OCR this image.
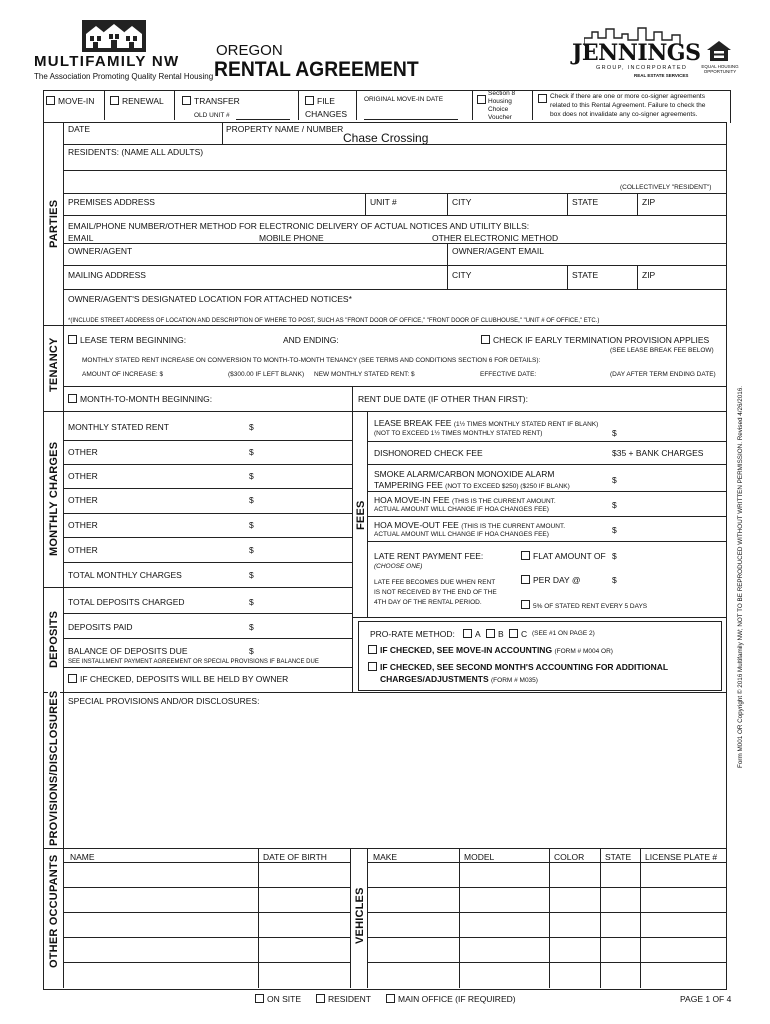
MULTIFAMILY NW
The Association Promoting Quality Rental Housing
OREGON
RENTAL AGREEMENT
JENNINGS
GROUP, INCORPORATED
REAL ESTATE SERVICES
EQUAL HOUSING OPPORTUNITY
MOVE-IN	RENEWAL	TRANSFER
OLD UNIT #
FILE
CHANGES
ORIGINAL MOVE-IN DATE
Section 8
Housing
Choice
Voucher
Check if there are one or more co-signer agreements
related to this Rental Agreement. Failure to check the
box does not invalidate any co-signer agreements.
PARTIES
DATE	PROPERTY NAME / NUMBER
Chase Crossing
RESIDENTS: (NAME ALL ADULTS)
(COLLECTIVELY "RESIDENT")
PREMISES ADDRESS	UNIT #	CITY	STATE	ZIP
EMAIL/PHONE NUMBER/OTHER METHOD FOR ELECTRONIC DELIVERY OF ACTUAL NOTICES AND UTILITY BILLS:
EMAIL	MOBILE PHONE	OTHER ELECTRONIC METHOD
OWNER/AGENT	OWNER/AGENT EMAIL
MAILING ADDRESS	CITY	STATE	ZIP
OWNER/AGENT'S DESIGNATED LOCATION FOR ATTACHED NOTICES*
*(INCLUDE STREET ADDRESS OF LOCATION AND DESCRIPTION OF WHERE TO POST, SUCH AS "FRONT DOOR OF OFFICE," "FRONT DOOR OF CLUBHOUSE," "UNIT # OF OFFICE," ETC.)
TENANCY	LEASE TERM BEGINNING:	AND ENDING:	CHECK IF EARLY TERMINATION PROVISION APPLIES
(SEE LEASE BREAK FEE BELOW)
MONTHLY STATED RENT INCREASE ON CONVERSION TO MONTH-TO-MONTH TENANCY (SEE TERMS AND CONDITIONS SECTION 6 FOR DETAILS):
AMOUNT OF INCREASE: $	($300.00 IF LEFT BLANK) NEW MONTHLY STATED RENT: $	EFFECTIVE DATE:	(DAY AFTER TERM ENDING DATE)
MONTH-TO-MONTH BEGINNING:	RENT DUE DATE (IF OTHER THAN FIRST):
MONTHLY CHARGES
MONTHLY STATED RENT	$
OTHER	$
OTHER	$
OTHER	$
OTHER	$
OTHER	$
TOTAL MONTHLY CHARGES	$
FEES
LEASE BREAK FEE (1½ TIMES MONTHLY STATED RENT IF BLANK)
(NOT TO EXCEED 1½ TIMES MONTHLY STATED RENT)	$
DISHONORED CHECK FEE	$35 + BANK CHARGES
SMOKE ALARM/CARBON MONOXIDE ALARM
TAMPERING FEE (NOT TO EXCEED $250) ($250 IF BLANK)
$
HOA MOVE-IN FEE (THIS IS THE CURRENT AMOUNT.
ACTUAL AMOUNT WILL CHANGE IF HOA CHANGES FEE)	$
HOA MOVE-OUT FEE (THIS IS THE CURRENT AMOUNT.
ACTUAL AMOUNT WILL CHANGE IF HOA CHANGES FEE)	$
LATE RENT PAYMENT FEE:	FLAT AMOUNT OF $
(CHOOSE ONE)
LATE FEE BECOMES DUE WHEN RENT
IS NOT RECEIVED BY THE END OF THE
4TH DAY OF THE RENTAL PERIOD.
PER DAY @	$
5% OF STATED RENT EVERY 5 DAYS
DEPOSITS
TOTAL DEPOSITS CHARGED	$
DEPOSITS PAID	$
BALANCE OF DEPOSITS DUE	$
SEE INSTALLMENT PAYMENT AGREEMENT OR SPECIAL PROVISIONS IF BALANCE DUE
IF CHECKED, DEPOSITS WILL BE HELD BY OWNER
PRO-RATE METHOD:	A	B	C (SEE #1 ON PAGE 2)
IF CHECKED, SEE MOVE-IN ACCOUNTING (FORM # M004 OR)
IF CHECKED, SEE SECOND MONTH'S ACCOUNTING FOR ADDITIONAL
CHARGES/ADJUSTMENTS (FORM # M035)
PROVISIONS/DISCLOSURES SPECIAL PROVISIONS AND/OR DISCLOSURES:
OTHER OCCUPANTS NAME	DATE OF BIRTH
VEHICLES
MAKE	MODEL	COLOR STATE LICENSE PLATE #
ON SITE	RESIDENT	MAIN OFFICE (IF REQUIRED)	PAGE 1 OF 4
Form M001 OR Copyright © 2016 Multifamily NW; NOT TO BE REPRODUCED WITHOUT WRITTEN PERMISSION. Revised 4/26/2016.
